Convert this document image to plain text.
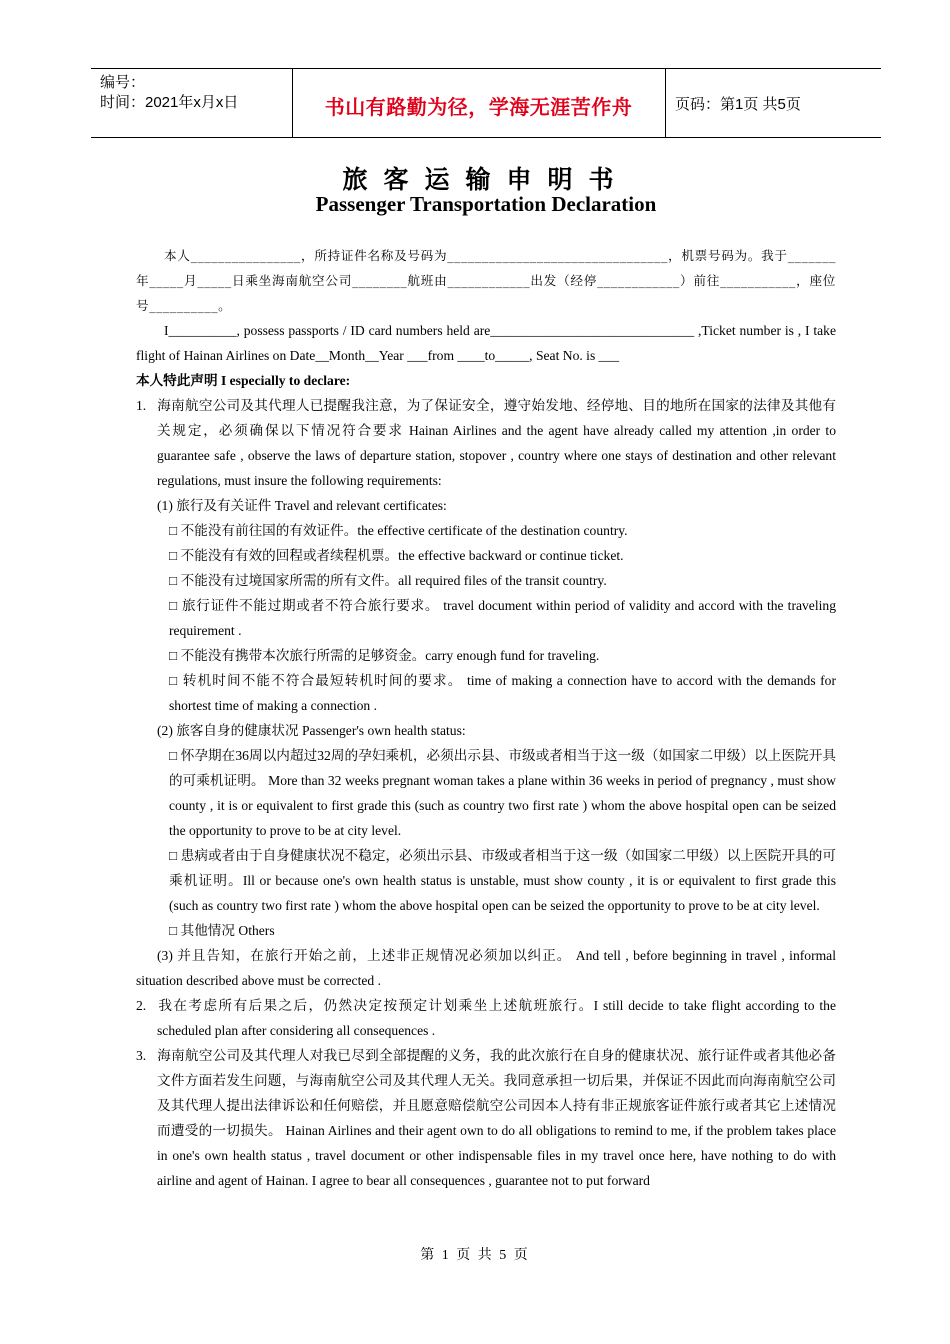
编号：
时间：2021年x月x日	书山有路勤为径，学海无涯苦作舟	页码：第1页 共5页
旅客运输申明书
Passenger Transportation Declaration

本人________________，所持证件名称及号码为________________________________，机票号码为。我于_______年_____月_____日乘坐海南航空公司________航班由____________出发（经停____________）前往___________，座位号__________。

I__________, possess passports / ID card numbers held are______________________________ ,Ticket number is , I take flight of Hainan Airlines on Date__Month__Year ___from ____to_____, Seat No. is ___

本人特此声明 I especially to declare:

1. 海南航空公司及其代理人已提醒我注意，为了保证安全，遵守始发地、经停地、目的地所在国家的法律及其他有关规定，必须确保以下情况符合要求 Hainan Airlines and the agent have already called my attention ,in order to guarantee safe , observe the laws of departure station, stopover , country where one stays of destination and other relevant regulations, must insure the following requirements:

(1) 旅行及有关证件 Travel and relevant certificates:

□ 不能没有前往国的有效证件。the effective certificate of the destination country.

□ 不能没有有效的回程或者续程机票。the effective backward or continue ticket.

□ 不能没有过境国家所需的所有文件。all required files of the transit country.

□ 旅行证件不能过期或者不符合旅行要求。 travel document within period of validity and accord with the traveling requirement .

□ 不能没有携带本次旅行所需的足够资金。carry enough fund for traveling.

□ 转机时间不能不符合最短转机时间的要求。 time of making a connection have to accord with the demands for shortest time of making a connection .

(2) 旅客自身的健康状况 Passenger's own health status:

□ 怀孕期在36周以内超过32周的孕妇乘机，必须出示县、市级或者相当于这一级（如国家二甲级）以上医院开具的可乘机证明。 More than 32 weeks pregnant woman takes a plane within 36 weeks in period of pregnancy , must show county , it is or equivalent to first grade this (such as country two first rate ) whom the above hospital open can be seized the opportunity to prove to be at city level.

□ 患病或者由于自身健康状况不稳定，必须出示县、市级或者相当于这一级（如国家二甲级）以上医院开具的可乘机证明。Ill or because one's own health status is unstable, must show county , it is or equivalent to first grade this (such as country two first rate ) whom the above hospital open can be seized the opportunity to prove to be at city level.

□ 其他情况 Others

(3) 并且告知，在旅行开始之前，上述非正规情况必须加以纠正。 And tell , before beginning in travel , informal situation described above must be corrected .

2. 我在考虑所有后果之后，仍然决定按预定计划乘坐上述航班旅行。I still decide to take flight according to the scheduled plan after considering all consequences .

3. 海南航空公司及其代理人对我已尽到全部提醒的义务，我的此次旅行在自身的健康状况、旅行证件或者其他必备文件方面若发生问题，与海南航空公司及其代理人无关。我同意承担一切后果，并保证不因此而向海南航空公司及其代理人提出法律诉讼和任何赔偿，并且愿意赔偿航空公司因本人持有非正规旅客证件旅行或者其它上述情况而遭受的一切损失。 Hainan Airlines and their agent own to do all obligations to remind to me, if the problem takes place in one's own health status , travel document or other indispensable files in my travel once here, have nothing to do with airline and agent of Hainan. I agree to bear all consequences , guarantee not to put forward

第 1 页 共 5 页
